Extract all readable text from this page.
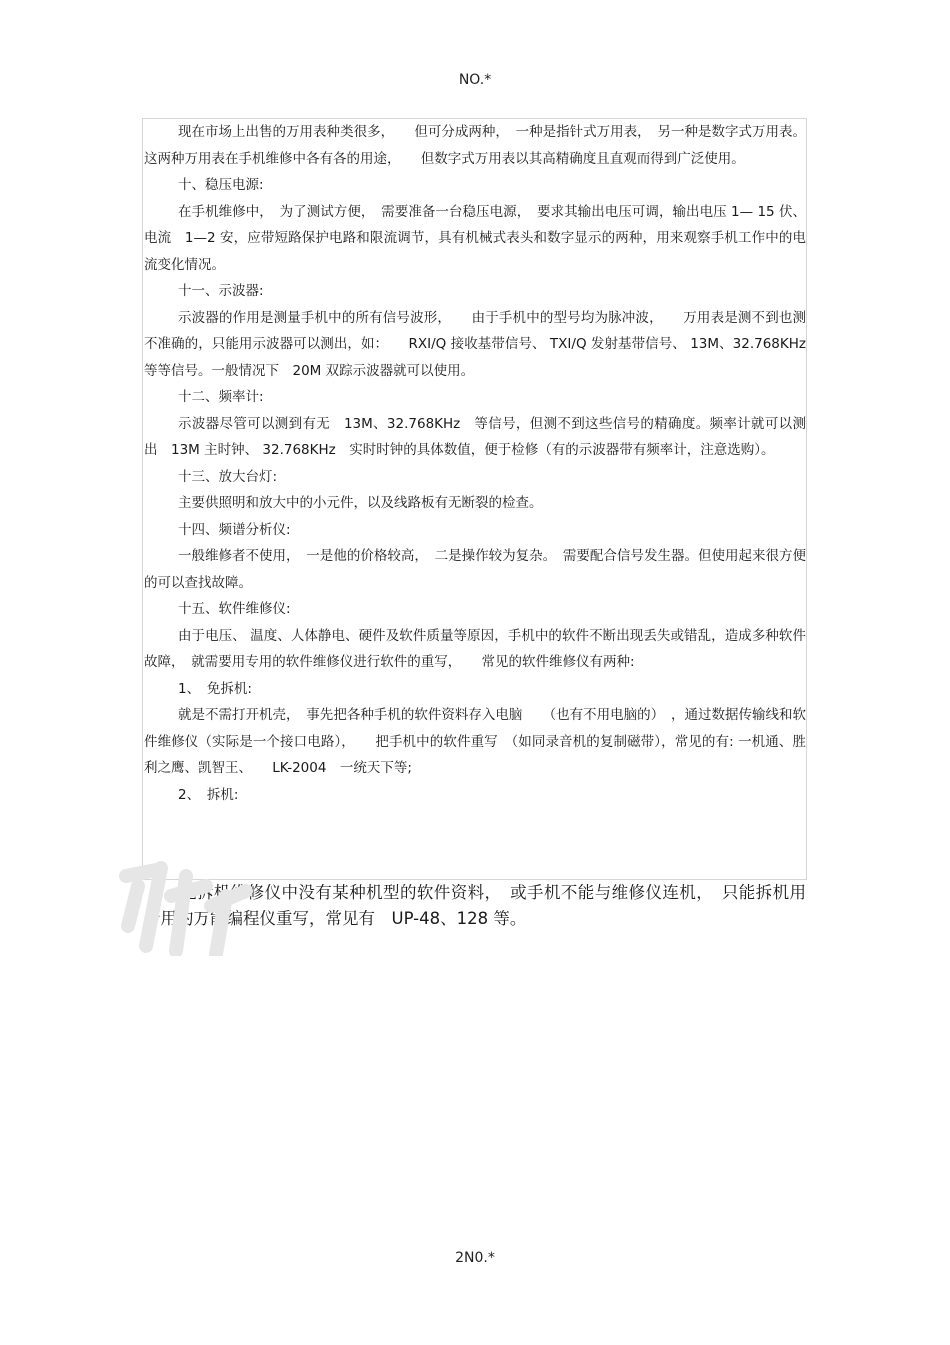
NO.*

现在市场上出售的万用表种类很多，　　但可分成两种，　一种是指针式万用表，　另一种是数字式万用表。 这两种万用表在手机维修中各有各的用途，　　但数字式万用表以其高精确度且直观而得到广泛使用。

十、稳压电源:

在手机维修中，　为了测试方便，　需要准备一台稳压电源，　要求其输出电压可调，输出电压 1— 15 伏、电流　1—2 安，应带短路保护电路和限流调节，具有机械式表头和数字显示的两种，用来观察手机工作中的电流变化情况。

十一、示波器:

示波器的作用是测量手机中的所有信号波形，　　由于手机中的型号均为脉冲波，　　万用表是测不到也测不准确的，只能用示波器可以测出，如：　　RXI/Q 接收基带信号、 TXI/Q 发射基带信号、 13M、32.768KHz　等等信号。一般情况下　20M 双踪示波器就可以使用。

十二、频率计:

示波器尽管可以测到有无　13M、32.768KHz　等信号，但测不到这些信号的精确度。频率计就可以测出　13M 主时钟、 32.768KHz　实时时钟的具体数值，便于检修（有的示波器带有频率计，注意选购）。

十三、放大台灯:

主要供照明和放大中的小元件，以及线路板有无断裂的检查。

十四、频谱分析仪:

一般维修者不使用，　一是他的价格较高，　二是操作较为复杂。　需要配合信号发生器。但使用起来很方便的可以查找故障。

十五、软件维修仪:

由于电压、 温度、人体静电、硬件及软件质量等原因，手机中的软件不断出现丢失或错乱，造成多种软件故障，　就需要用专用的软件维修仪进行软件的重写，　　常见的软件维修仪有两种:

1、　免拆机:

就是不需打开机壳，　事先把各种手机的软件资料存入电脑　　（也有不用电脑的）　，通过数据传输线和软件维修仪（实际是一个接口电路），　　把手机中的软件重写　（如同录音机的复制磁带），常见的有: 一机通、胜利之鹰、凯智王、　　LK-2004　一统天下等;

2、　拆机:

免拆机维修仪中没有某种机型的软件资料，　或手机不能与维修仪连机，　只能拆机用专用的万能编程仪重写，常见有　UP-48、128 等。

2N0.*
